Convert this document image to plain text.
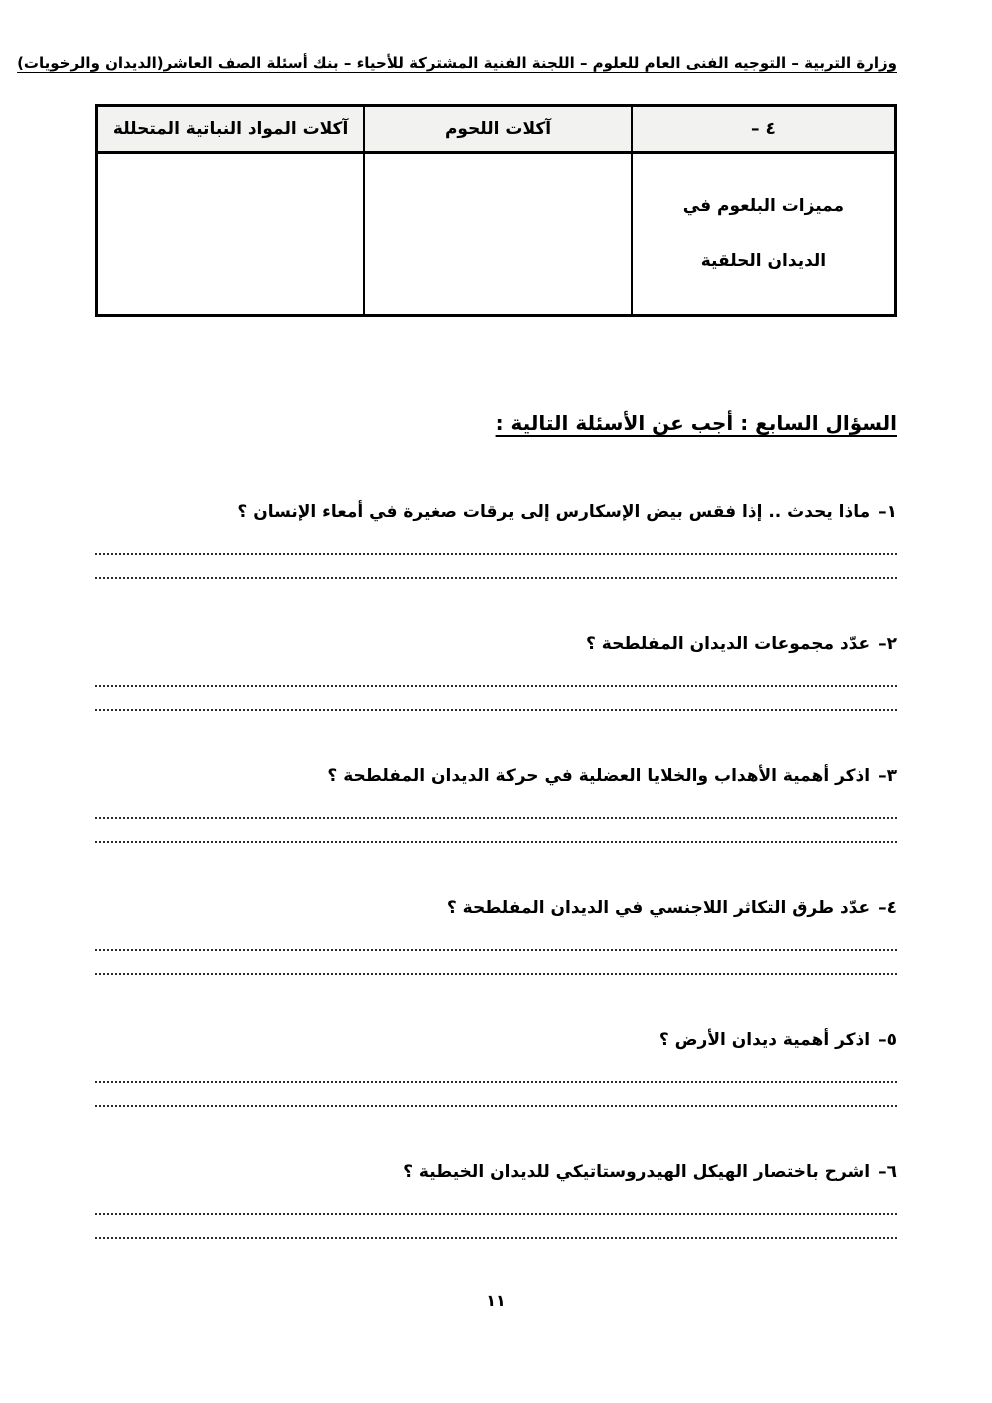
وزارة التربية – التوجيه الفنى العام للعلوم – اللجنة الفنية المشتركة للأحياء – بنك أسئلة الصف العاشر(الديدان والرخويات)
٤ –	آكلات اللحوم	آكلات المواد النباتية المتحللة
مميزات البلعوم في الديدان الحلقية		
السؤال السابع : أجب عن الأسئلة التالية :
١–ماذا يحدث .. إذا فقس بيض الإسكارس إلى يرقات صغيرة في أمعاء الإنسان ؟
٢–عدّد مجموعات الديدان المفلطحة ؟
٣–اذكر أهمية الأهداب والخلايا العضلية في حركة الديدان المفلطحة ؟
٤–عدّد طرق التكاثر اللاجنسي في الديدان المفلطحة ؟
٥–اذكر أهمية ديدان الأرض ؟
٦–اشرح باختصار الهيكل الهيدروستاتيكي للديدان الخيطية ؟
١١
